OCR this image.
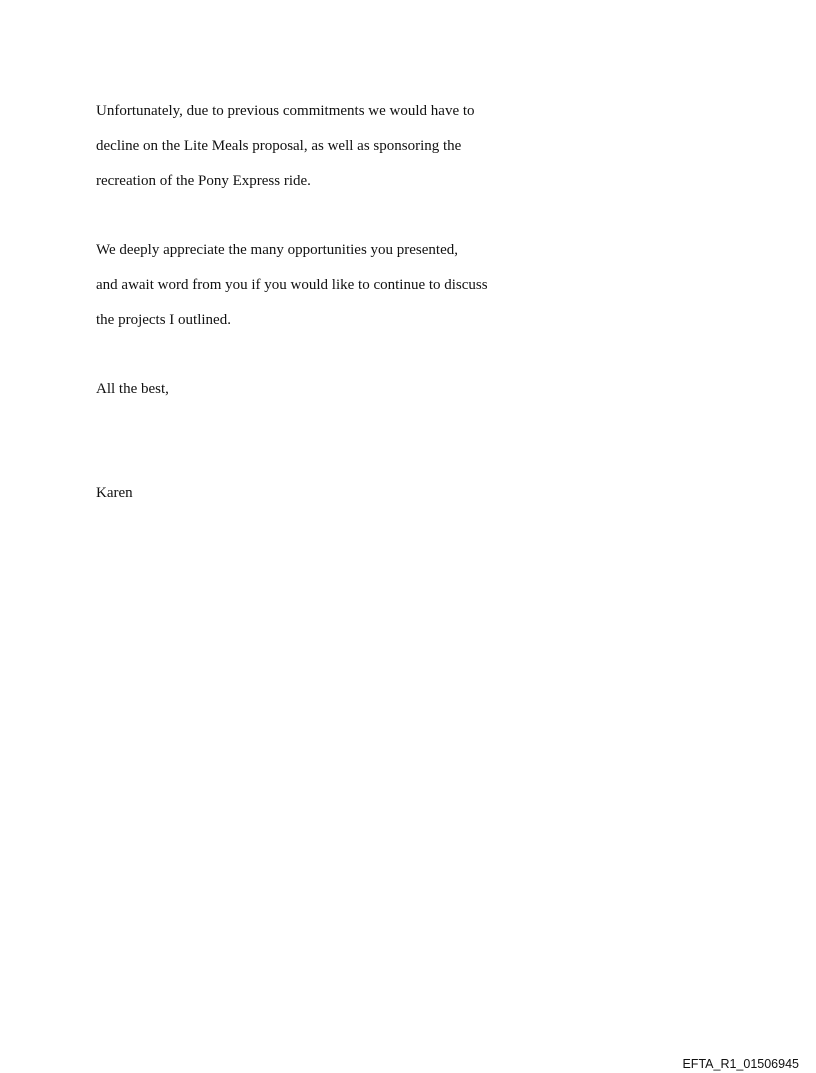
Unfortunately, due to previous commitments we would have to
decline on the Lite Meals proposal, as well as sponsoring the
recreation of the Pony Express ride.

We deeply appreciate the many opportunities you presented,
and await word from you if you would like to continue to discuss
the projects I outlined.

All the best,

Karen

EFTA_R1_01506945
